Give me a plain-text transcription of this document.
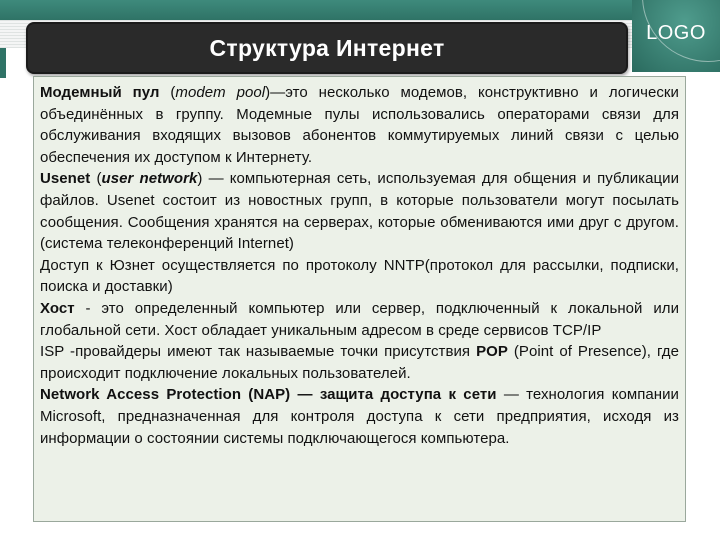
LOGO
Структура Интернет

Модемный пул (modem pool)—это несколько модемов, конструктивно и логически объединённых в группу. Модемные пулы использовались операторами связи для обслуживания входящих вызовов абонентов коммутируемых линий связи с целью обеспечения их доступом к Интернету.

Usenet (user network) — компьютерная сеть, используемая для общения и публикации файлов. Usenet состоит из новостных групп, в которые пользователи могут посылать сообщения. Сообщения хранятся на серверах, которые обмениваются ими друг с другом.(система телеконференций Internet)

Доступ к Юзнет осуществляется по протоколу NNTP(протокол для рассылки, подписки, поиска и доставки)

Хост - это определенный компьютер или сервер, подключенный к локальной или глобальной сети. Хост обладает уникальным адресом в среде сервисов TCP/IP

ISP -провайдеры имеют так называемые точки присутствия POP (Point of Presence), где происходит подключение локальных пользователей.

Network Access Protection (NAP) — защита доступа к сети — технология компании Microsoft, предназначенная для контроля доступа к сети предприятия, исходя из информации о состоянии системы подключающегося компьютера.
